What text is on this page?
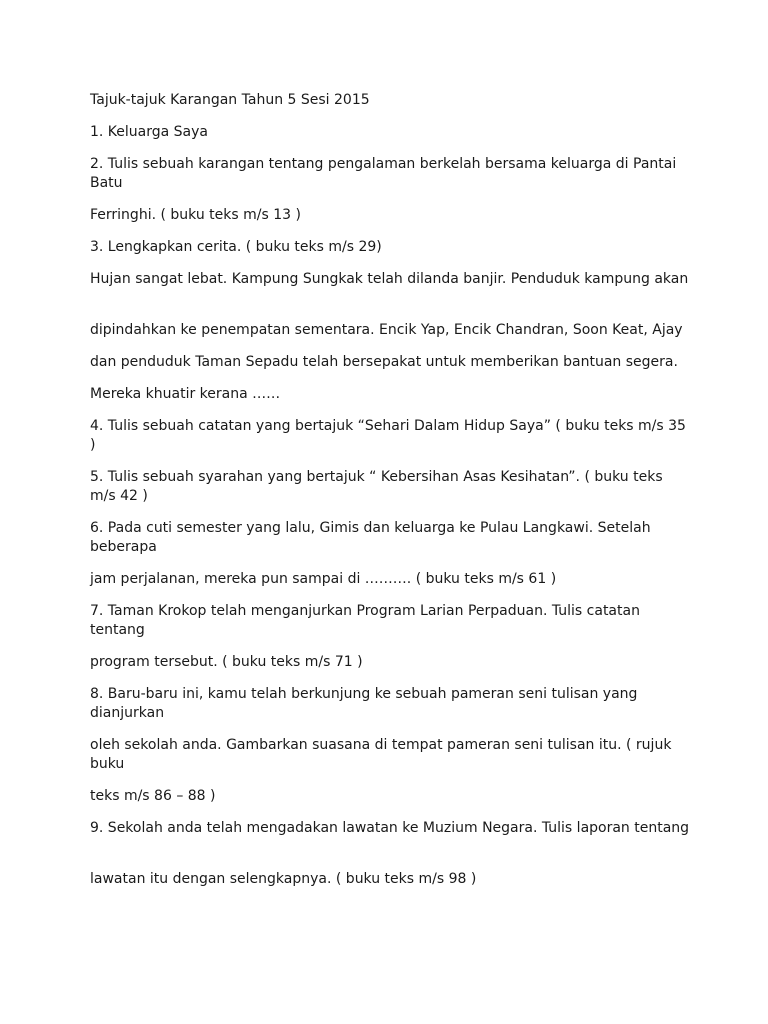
Tajuk-tajuk Karangan Tahun 5 Sesi 2015

1. Keluarga Saya

2. Tulis sebuah karangan tentang pengalaman berkelah bersama keluarga di Pantai Batu

Ferringhi. ( buku teks m/s 13 )

3. Lengkapkan cerita. ( buku teks m/s 29)

Hujan sangat lebat. Kampung Sungkak telah dilanda banjir. Penduduk kampung akan

dipindahkan ke penempatan sementara. Encik Yap, Encik Chandran, Soon Keat, Ajay

dan penduduk Taman Sepadu telah bersepakat untuk memberikan bantuan segera.

Mereka khuatir kerana ……

4. Tulis sebuah catatan yang bertajuk “Sehari Dalam Hidup Saya” ( buku teks m/s 35 )

5. Tulis sebuah syarahan yang bertajuk “ Kebersihan Asas Kesihatan”. ( buku teks m/s 42 )

6. Pada cuti semester yang lalu, Gimis dan keluarga ke Pulau Langkawi. Setelah beberapa

jam perjalanan, mereka pun sampai di ………. ( buku teks m/s 61 )

7. Taman Krokop telah menganjurkan Program Larian Perpaduan. Tulis catatan tentang

program tersebut. ( buku teks m/s 71 )

8. Baru-baru ini, kamu telah berkunjung ke sebuah pameran seni tulisan yang dianjurkan

oleh sekolah anda. Gambarkan suasana di tempat pameran seni tulisan itu. ( rujuk buku

teks m/s 86 – 88 )

9. Sekolah anda telah mengadakan lawatan ke Muzium Negara. Tulis laporan tentang

lawatan itu dengan selengkapnya. ( buku teks m/s 98 )
